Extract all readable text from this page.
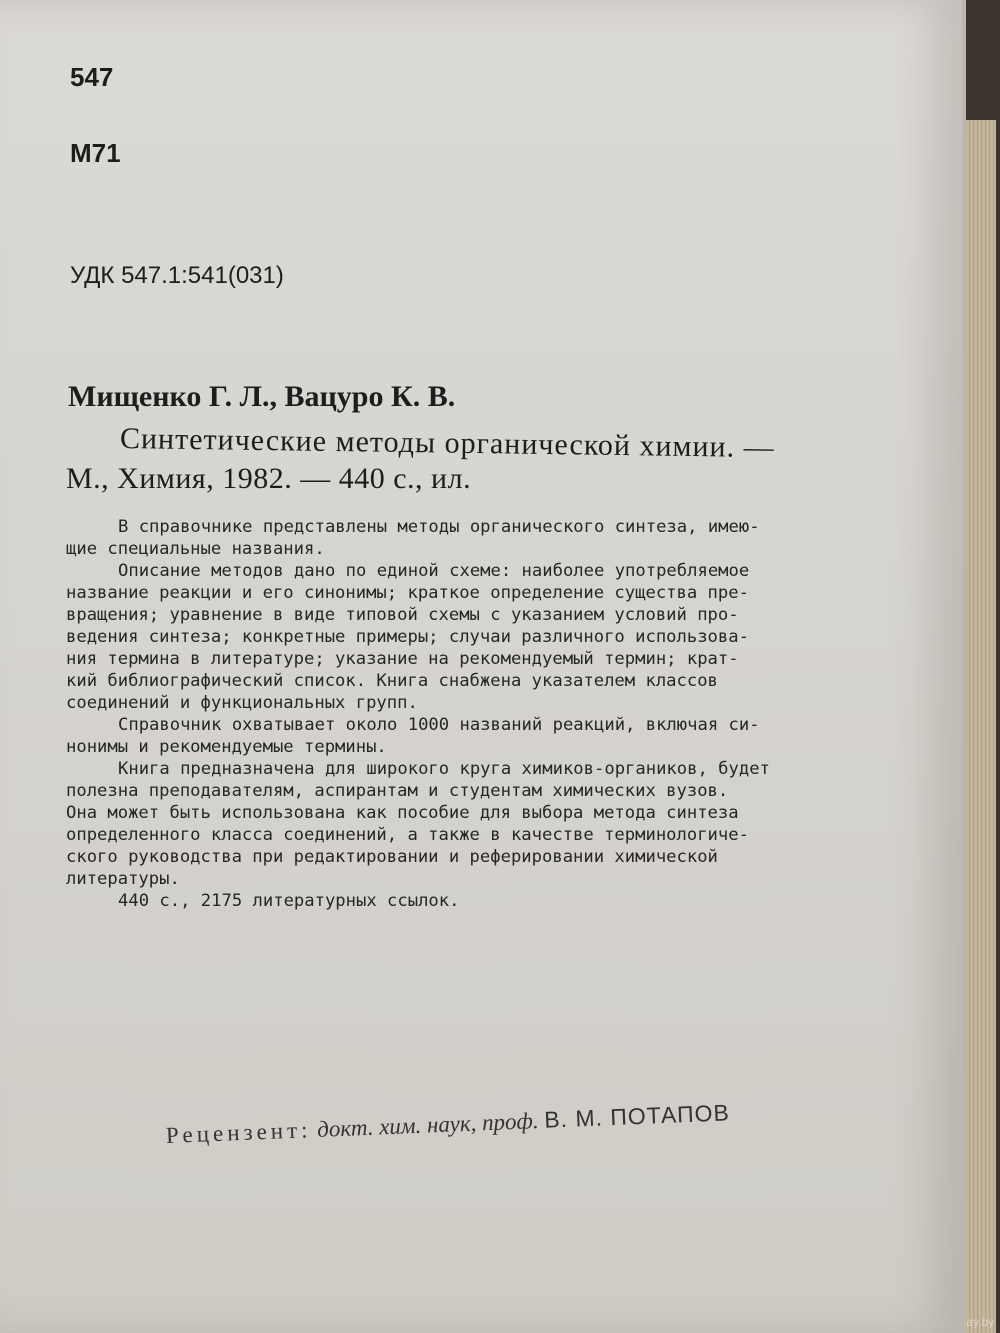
547
М71
УДК 547.1:541(031)
Мищенко Г. Л., Вацуро К. В.
Синтетические методы органической химии. —
М., Химия, 1982. — 440 с., ил.
В справочнике представлены методы органического синтеза, имею-
щие специальные названия.
Описание методов дано по единой схеме: наиболее употребляемое
название реакции и его синонимы; краткое определение существа пре-
вращения; уравнение в виде типовой схемы с указанием условий про-
ведения синтеза; конкретные примеры; случаи различного использова-
ния термина в литературе; указание на рекомендуемый термин; крат-
кий библиографический список. Книга снабжена указателем классов
соединений и функциональных групп.
Справочник охватывает около 1000 названий реакций, включая си-
нонимы и рекомендуемые термины.
Книга предназначена для широкого круга химиков-органиков, будет
полезна преподавателям, аспирантам и студентам химических вузов.
Она может быть использована как пособие для выбора метода синтеза
определенного класса соединений, а также в качестве терминологиче-
ского руководства при редактировании и реферировании химической
литературы.
440 с., 2175 литературных ссылок.
Рецензент: докт. хим. наук, проф. В. М. ПОТАПОВ
ay.by
